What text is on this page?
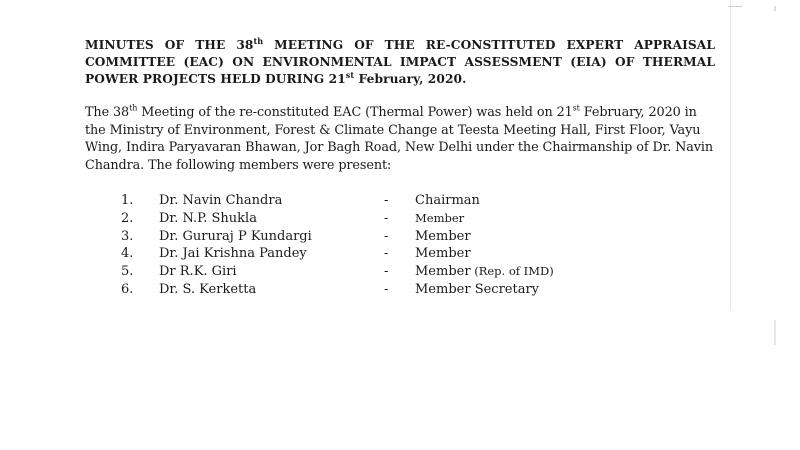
MINUTES OF THE 38th MEETING OF THE RE-CONSTITUTED EXPERT APPRAISAL COMMITTEE (EAC) ON ENVIRONMENTAL IMPACT ASSESSMENT (EIA) OF THERMAL POWER PROJECTS HELD DURING 21st February, 2020.
The 38th Meeting of the re-constituted EAC (Thermal Power) was held on 21st February, 2020 in the Ministry of Environment, Forest & Climate Change at Teesta Meeting Hall, First Floor, Vayu Wing, Indira Paryavaran Bhawan, Jor Bagh Road, New Delhi under the Chairmanship of Dr. Navin Chandra. The following members were present:
1. Dr. Navin Chandra	- Chairman
2. Dr. N.P. Shukla	- Member
3. Dr. Gururaj P Kundargi	- Member
4. Dr. Jai Krishna Pandey	- Member
5. Dr R.K. Giri	- Member (Rep. of IMD)
6. Dr. S. Kerketta	- Member Secretary
